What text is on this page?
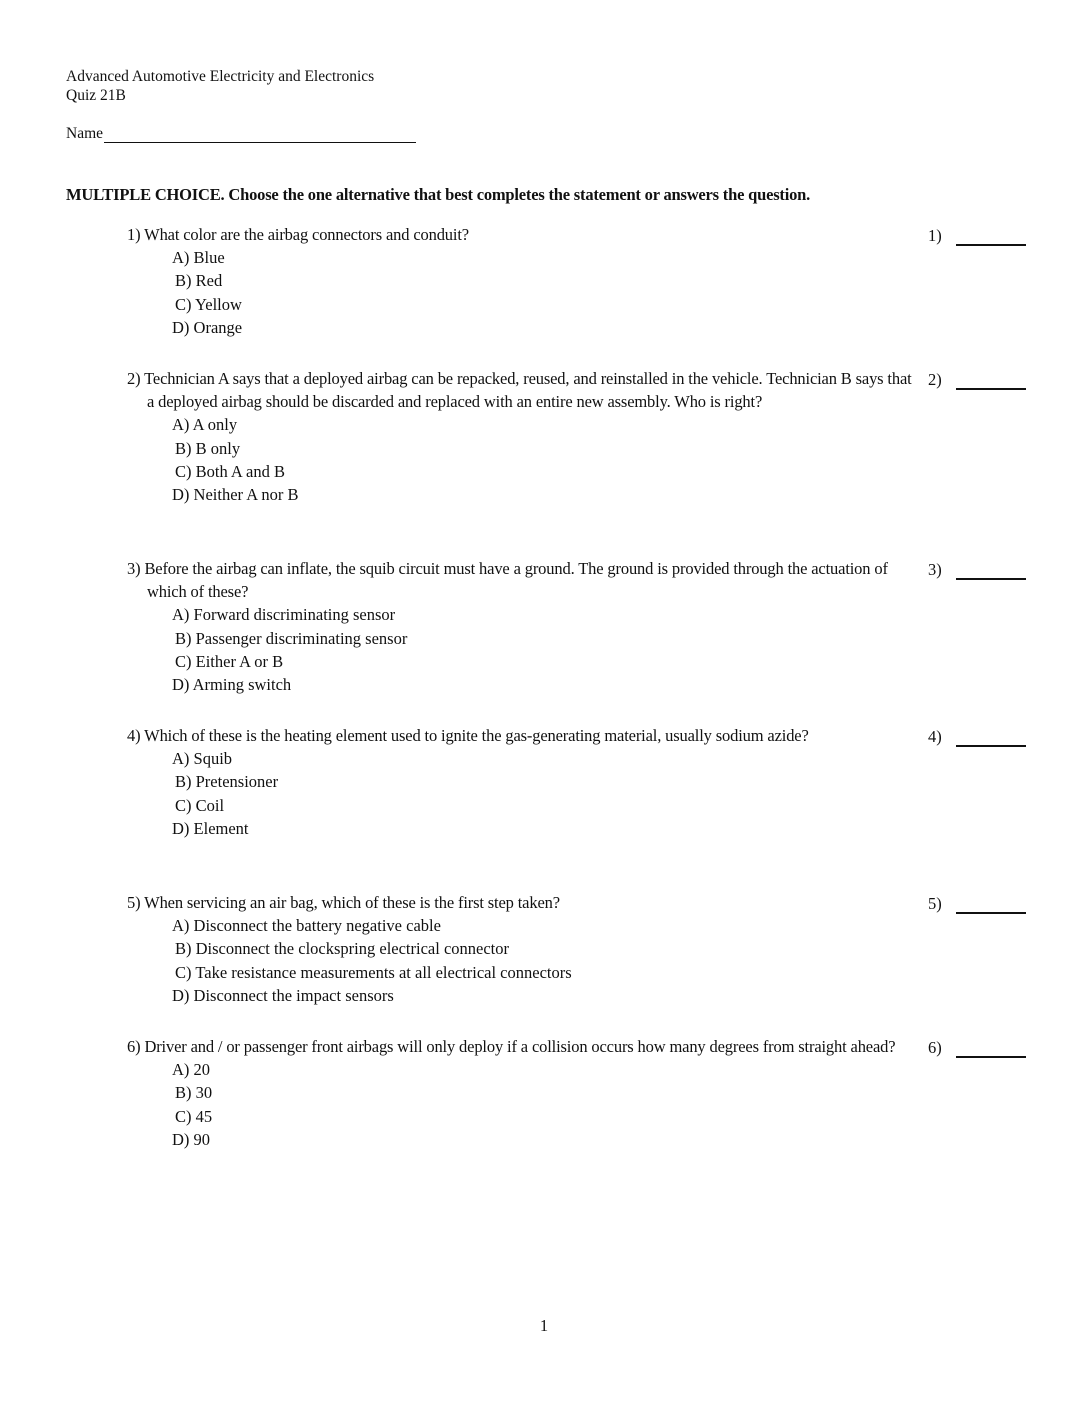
Advanced Automotive Electricity and Electronics
Quiz 21B
Name
MULTIPLE CHOICE. Choose the one alternative that best completes the statement or answers the question.
1) What color are the airbag connectors and conduit?
A) Blue
B) Red
C) Yellow
D) Orange
1)
2) Technician A says that a deployed airbag can be repacked, reused, and reinstalled in the vehicle. Technician B says that a deployed airbag should be discarded and replaced with an entire new assembly. Who is right?
A) A only
B) B only
C) Both A and B
D) Neither A nor B
2)
3) Before the airbag can inflate, the squib circuit must have a ground. The ground is provided through the actuation of which of these?
A) Forward discriminating sensor
B) Passenger discriminating sensor
C) Either A or B
D) Arming switch
3)
4) Which of these is the heating element used to ignite the gas-generating material, usually sodium azide?
A) Squib
B) Pretensioner
C) Coil
D) Element
4)
5) When servicing an air bag, which of these is the first step taken?
A) Disconnect the battery negative cable
B) Disconnect the clockspring electrical connector
C) Take resistance measurements at all electrical connectors
D) Disconnect the impact sensors
5)
6) Driver and / or passenger front airbags will only deploy if a collision occurs how many degrees from straight ahead?
A) 20
B) 30
C) 45
D) 90
6)
1
